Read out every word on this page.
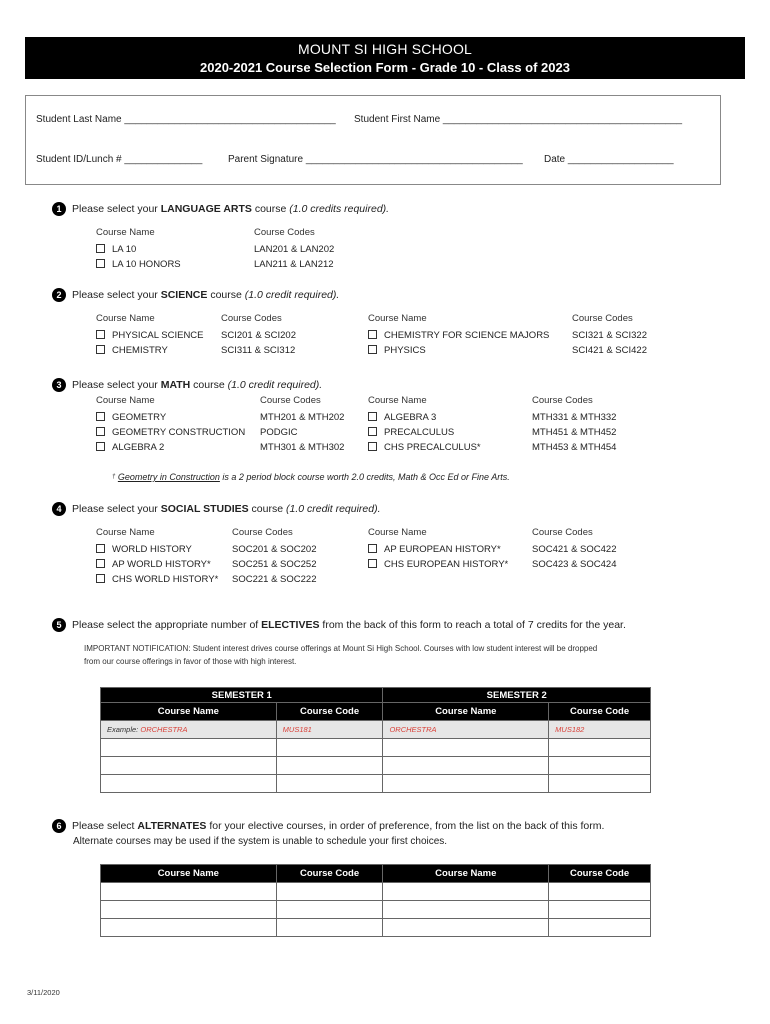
MOUNT SI HIGH SCHOOL
2020-2021 Course Selection Form - Grade 10 - Class of 2023
Student Last Name ______________________________________ Student First Name ___________________________________________
Student ID/Lunch # ______________	Parent Signature _______________________________________ Date ___________________
1 Please select your LANGUAGE ARTS course (1.0 credits required).
Course Name	Course Codes
LA 10	LAN201 & LAN202
LA 10 HONORS	LAN211 & LAN212
2 Please select your SCIENCE course (1.0 credit required).
Course Name	Course Codes	Course Name	Course Codes
PHYSICAL SCIENCE SCI201 & SCI202
CHEMISTRY	SCI311 & SCI312
CHEMISTRY FOR SCIENCE MAJORS SCI321 & SCI322
PHYSICS	SCI421 & SCI422
3 Please select your MATH course (1.0 credit required).
Course Name	Course Codes	Course Name	Course Codes
GEOMETRY	MTH201 & MTH202
GEOMETRY CONSTRUCTION PODGIC
ALGEBRA 2	MTH301 & MTH302
ALGEBRA 3	MTH331 & MTH332
PRECALCULUS	MTH451 & MTH452
CHS PRECALCULUS*	MTH453 & MTH454
† Geometry in Construction is a 2 period block course worth 2.0 credits, Math & Occ Ed or Fine Arts.
4 Please select your SOCIAL STUDIES course (1.0 credit required).
Course Name	Course Codes	Course Name	Course Codes
WORLD HISTORY	SOC201 & SOC202
AP WORLD HISTORY* SOC251 & SOC252
CHS WORLD HISTORY* SOC221 & SOC222
AP EUROPEAN HISTORY*	SOC421 & SOC422
CHS EUROPEAN HISTORY*	SOC423 & SOC424
5 Please select the appropriate number of ELECTIVES from the back of this form to reach a total of 7 credits for the year.
IMPORTANT NOTIFICATION: Student interest drives course offerings at Mount Si High School. Courses with low student interest will be dropped
from our course offerings in favor of those with high interest.
SEMESTER 1		SEMESTER 2	
Course Name	Course Code	Course Name	Course Code
Example: ORCHESTRA	MUS181	ORCHESTRA	MUS182

6 Please select ALTERNATES for your elective courses, in order of preference, from the list on the back of this form.
Alternate courses may be used if the system is unable to schedule your first choices.
Course Name	Course Code	Course Name	Course Code

3/11/2020
